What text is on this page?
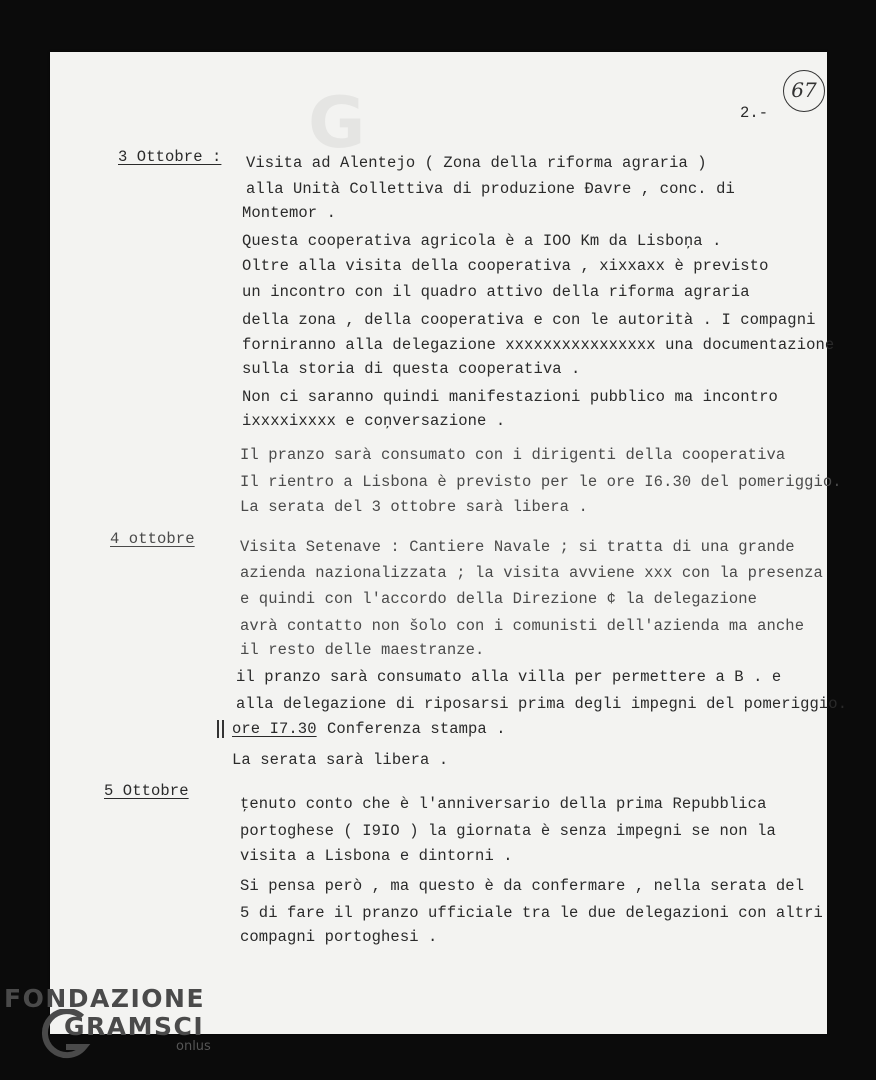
G	2.-
67
3 Ottobre : Visita ad Alentejo ( Zona della riforma agraria )
alla Unità Collettiva di produzione Ɖavre , conc. di
Montemor .
Questa cooperativa agricola è a IOO Km da Lisboņa .
Oltre alla visita della cooperativa , xixxaxx è previsto
un incontro con il quadro attivo della riforma agraria
della zona , della cooperativa e con le autorità . I compagni
forniranno alla delegazione xxxxxxxxxxxxxxxx una documentazione
sulla storia di questa cooperativa .
Non ci saranno quindi manifestazioni pubblico ma incontro
ixxxxixxxx e coņversazione .
Il pranzo sarà consumato con i dirigenti della cooperativa
Il rientro a Lisbona è previsto per le ore I6.30 del pomeriggio.
La serata del 3 ottobre sarà libera .
4 ottobre	Visita Setenave : Cantiere Navale ; si tratta di una grande
azienda nazionalizzata ; la visita avviene xxx con la presenza
e quindi con l'accordo della Direzione ¢ la delegazione
avrà contatto non šolo con i comunisti dell'azienda ma anche
il resto delle maestranze.
il pranzo sarà consumato alla villa per permettere a B . e
alla delegazione di riposarsi prima degli impegni del pomeriggio.
ore I7.30 Conferenza stampa .
La serata sarà libera .
5 Ottobre
ţenuto conto che è l'anniversario della prima Repubblica
portoghese ( I9IO ) la giornata è senza impegni se non la
visita a Lisbona e dintorni .
Si pensa però , ma questo è da confermare , nella serata del
5 di fare il pranzo ufficiale tra le due delegazioni con altri
compagni portoghesi .
FONDAZIONE
GRAMSCI
onlus
